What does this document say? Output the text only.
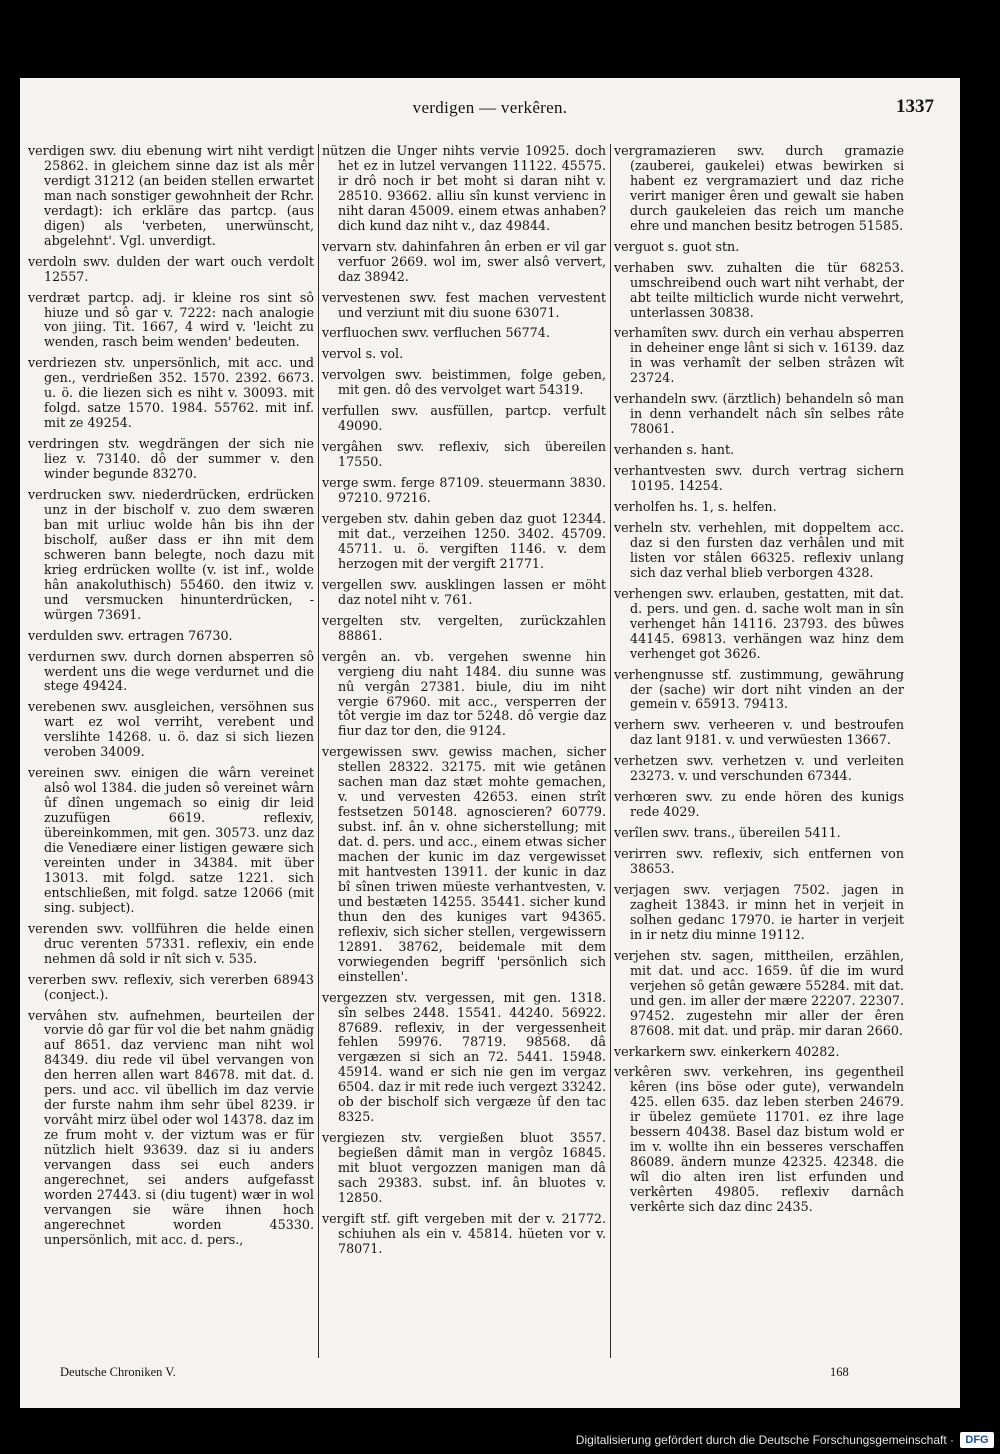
verdigen — verkêren.	1337

verdigen swv. diu ebenung wirt niht verdigt 25862. in gleichem sinne daz ist als mêr verdigt 31212 (an beiden stellen erwartet man nach sonstiger gewohnheit der Rchr. verdagt): ich erkläre das partcp. (aus digen) als 'verbeten, unerwünscht, abgelehnt'. Vgl. unverdigt.

verdoln swv. dulden der wart ouch verdolt 12557.

verdræt partcp. adj. ir kleine ros sint sô hiuze und sô gar v. 7222: nach analogie von jiing. Tit. 1667, 4 wird v. 'leicht zu wenden, rasch beim wenden' bedeuten.

verdriezen stv. unpersönlich, mit acc. und gen., verdrießen 352. 1570. 2392. 6673. u. ö. die liezen sich es niht v. 30093. mit folgd. satze 1570. 1984. 55762. mit inf. mit ze 49254.

verdringen stv. wegdrängen der sich nie liez v. 73140. dô der summer v. den winder begunde 83270.

verdrucken swv. niederdrücken, erdrücken unz in der bischolf v. zuo dem swæren ban mit urliuc wolde hân bis ihn der bischolf, außer dass er ihn mit dem schweren bann belegte, noch dazu mit krieg erdrücken wollte (v. ist inf., wolde hân anakoluthisch) 55460. den itwiz v. und versmucken hinunterdrücken, -würgen 73691.

verdulden swv. ertragen 76730.

verdurnen swv. durch dornen absperren sô werdent uns die wege verdurnet und die stege 49424.

verebenen swv. ausgleichen, versöhnen sus wart ez wol verriht, verebent und verslihte 14268. u. ö. daz si sich liezen veroben 34009.

vereinen swv. einigen die wârn vereinet alsô wol 1384. die juden sô vereinet wârn ûf dînen ungemach so einig dir leid zuzufügen 6619. reflexiv, übereinkommen, mit gen. 30573. unz daz die Venediære einer listigen gewære sich vereinten under in 34384. mit über 13013. mit folgd. satze 1221. sich entschließen, mit folgd. satze 12066 (mit sing. subject).

verenden swv. vollführen die helde einen druc verenten 57331. reflexiv, ein ende nehmen dâ sold ir nît sich v. 535.

vererben swv. reflexiv, sich vererben 68943 (conject.).

vervâhen stv. aufnehmen, beurteilen der vorvie dô gar für vol die bet nahm gnädig auf 8651. daz vervienc man niht wol 84349. diu rede vil übel vervangen von den herren allen wart 84678. mit dat. d. pers. und acc. vil übellich im daz vervie der furste nahm ihm sehr übel 8239. ir vorvâht mirz übel oder wol 14378. daz im ze frum moht v. der viztum was er für nützlich hielt 93639. daz si iu anders vervangen dass sei euch anders angerechnet, sei anders aufgefasst worden 27443. si (diu tugent) wær in wol vervangen sie wäre ihnen hoch angerechnet worden 45330. unpersönlich, mit acc. d. pers.,

nützen die Unger nihts vervie 10925. doch het ez in lutzel vervangen 11122. 45575. ir drô noch ir bet moht si daran niht v. 28510. 93662. alliu sîn kunst vervienc in niht daran 45009. einem etwas anhaben? dich kund daz niht v., daz 49844.

vervarn stv. dahinfahren ân erben er vil gar verfuor 2669. wol im, swer alsô ververt, daz 38942.

vervestenen swv. fest machen vervestent und verziunt mit diu suone 63071.

verfluochen swv. verfluchen 56774.

vervol s. vol.

vervolgen swv. beistimmen, folge geben, mit gen. dô des vervolget wart 54319.

verfullen swv. ausfüllen, partcp. verfult 49090.

vergâhen swv. reflexiv, sich übereilen 17550.

verge swm. ferge 87109. steuermann 3830. 97210. 97216.

vergeben stv. dahin geben daz guot 12344. mit dat., verzeihen 1250. 3402. 45709. 45711. u. ö. vergiften 1146. v. dem herzogen mit der vergift 21771.

vergellen swv. ausklingen lassen er möht daz notel niht v. 761.

vergelten stv. vergelten, zurückzahlen 88861.

vergên an. vb. vergehen swenne hin vergieng diu naht 1484. diu sunne was nû vergân 27381. biule, diu im niht vergie 67960. mit acc., versperren der tôt vergie im daz tor 5248. dô vergie daz fiur daz tor den, die 9124.

vergewissen swv. gewiss machen, sicher stellen 28322. 32175. mit wie getânen sachen man daz stæt mohte gemachen, v. und vervesten 42653. einen strît festsetzen 50148. agnoscieren? 60779. subst. inf. ân v. ohne sicherstellung; mit dat. d. pers. und acc., einem etwas sicher machen der kunic im daz vergewisset mit hantvesten 13911. der kunic in daz bî sînen triwen müeste verhantvesten, v. und bestæten 14255. 35441. sicher kund thun den des kuniges vart 94365. reflexiv, sich sicher stellen, vergewissern 12891. 38762, beidemale mit dem vorwiegenden begriff 'persönlich sich einstellen'.

vergezzen stv. vergessen, mit gen. 1318. sîn selbes 2448. 15541. 44240. 56922. 87689. reflexiv, in der vergessenheit fehlen 59976. 78719. 98568. dâ vergæzen si sich an 72. 5441. 15948. 45914. wand er sich nie gen im vergaz 6504. daz ir mit rede iuch vergezt 33242. ob der bischolf sich vergæze ûf den tac 8325.

vergiezen stv. vergießen bluot 3557. begießen dâmit man in vergôz 16845. mit bluot vergozzen manigen man dâ sach 29383. subst. inf. ân bluotes v. 12850.

vergift stf. gift vergeben mit der v. 21772. schiuhen als ein v. 45814. hüeten vor v. 78071.

vergramazieren swv. durch gramazie (zauberei, gaukelei) etwas bewirken si habent ez vergramaziert und daz riche verirt maniger êren und gewalt sie haben durch gaukeleien das reich um manche ehre und manchen besitz betrogen 51585.

verguot s. guot stn.

verhaben swv. zuhalten die tür 68253. umschreibend ouch wart niht verhabt, der abt teilte milticlich wurde nicht verwehrt, unterlassen 30838.

verhamîten swv. durch ein verhau absperren in deheiner enge lânt si sich v. 16139. daz in was verhamît der selben strâzen wît 23724.

verhandeln swv. (ärztlich) behandeln sô man in denn verhandelt nâch sîn selbes râte 78061.

verhanden s. hant.

verhantvesten swv. durch vertrag sichern 10195. 14254.

verholfen hs. 1, s. helfen.

verheln stv. verhehlen, mit doppeltem acc. daz si den fursten daz verhâlen und mit listen vor stâlen 66325. reflexiv unlang sich daz verhal blieb verborgen 4328.

verhengen swv. erlauben, gestatten, mit dat. d. pers. und gen. d. sache wolt man in sîn verhenget hân 14116. 23793. des bûwes 44145. 69813. verhängen waz hinz dem verhenget got 3626.

verhengnusse stf. zustimmung, gewährung der (sache) wir dort niht vinden an der gemein v. 65913. 79413.

verhern swv. verheeren v. und bestroufen daz lant 9181. v. und verwüesten 13667.

verhetzen swv. verhetzen v. und verleiten 23273. v. und verschunden 67344.

verhœren swv. zu ende hören des kunigs rede 4029.

verîlen swv. trans., übereilen 5411.

verirren swv. reflexiv, sich entfernen von 38653.

verjagen swv. verjagen 7502. jagen in zagheit 13843. ir minn het in verjeit in solhen gedanc 17970. ie harter in verjeit in ir netz diu minne 19112.

verjehen stv. sagen, mittheilen, erzählen, mit dat. und acc. 1659. ûf die im wurd verjehen sô getân gewære 55284. mit dat. und gen. im aller der mære 22207. 22307. 97452. zugestehn mir aller der êren 87608. mit dat. und präp. mir daran 2660.

verkarkern swv. einkerkern 40282.

verkêren swv. verkehren, ins gegentheil kêren (ins böse oder gute), verwandeln 425. ellen 635. daz leben sterben 24679. ir übelez gemüete 11701. ez ihre lage bessern 40438. Basel daz bistum wold er im v. wollte ihn ein besseres verschaffen 86089. ändern munze 42325. 42348. die wîl dio alten iren list erfunden und verkêrten 49805. reflexiv darnâch verkêrte sich daz dinc 2435.

Deutsche Chroniken V.	168
Digitalisierung gefördert durch die Deutsche Forschungsgemeinschaft ·	DFG
